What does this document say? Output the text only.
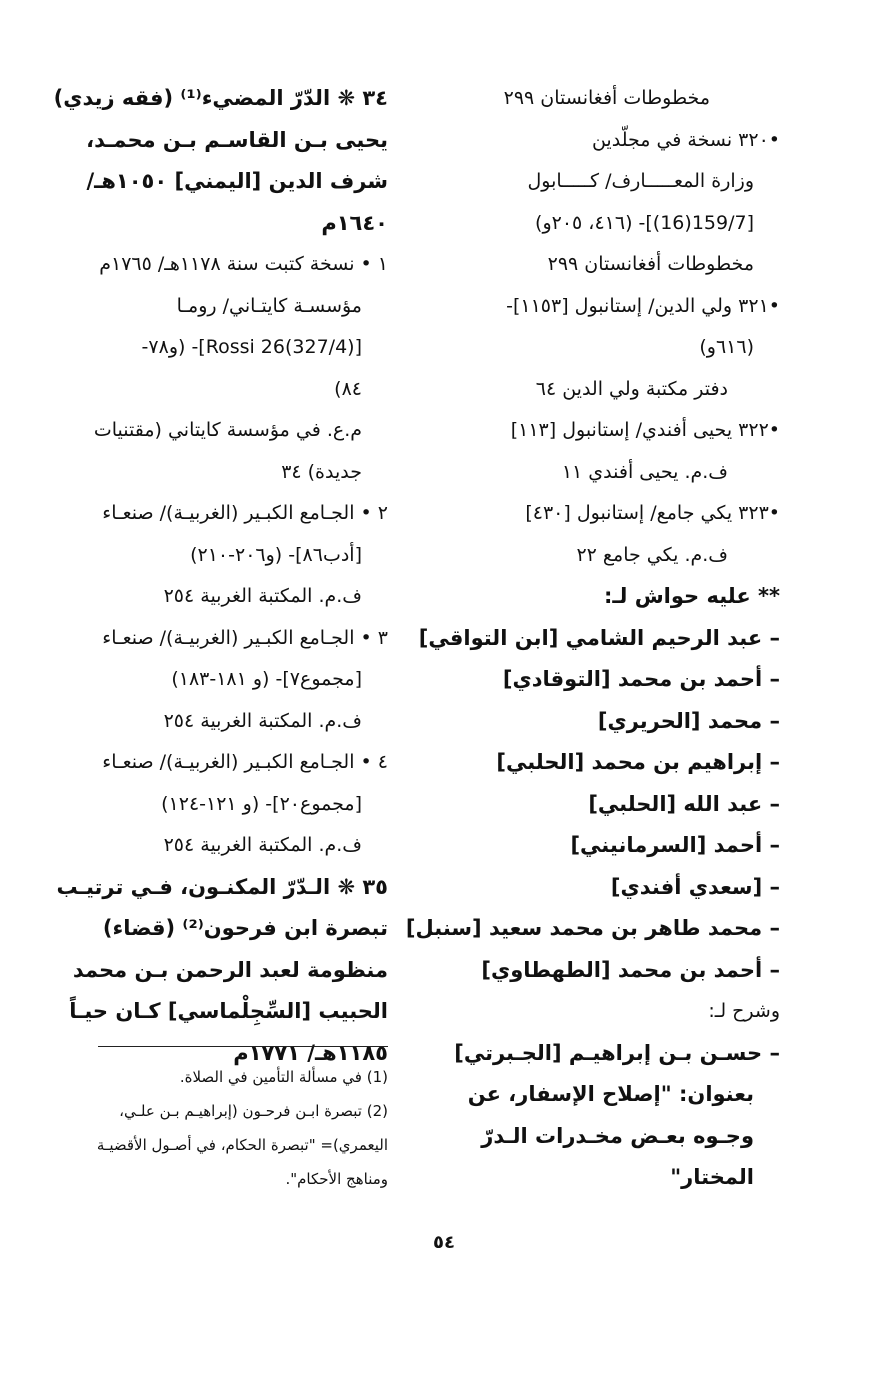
مخطوطات أفغانستان ٢٩٩
•٣٢٠ نسخة في مجلّدين
وزارة المعـــــارف/ كـــــابول
[159/7(16)]- (٤١٦، ٢٠٥و)
مخطوطات أفغانستان ٢٩٩
•٣٢١ ولي الدين/ إستانبول [١١٥٣]-
(٦١٦و)
دفتر مكتبة ولي الدين ٦٤
•٣٢٢ يحيى أفندي/ إستانبول [١١٣]
ف.م. يحيى أفندي ١١
•٣٢٣ يكي جامع/ إستانبول [٤٣٠]
ف.م. يكي جامع ٢٢
** عليه حواش لـ:
– عبد الرحيم الشامي [ابن التواقي]
– أحمد بن محمد [التوقادي]
– محمد [الحريري]
– إبراهيم بن محمد [الحلبي]
– عبد الله [الحلبي]
– أحمد [السرمانيني]
– [سعدي أفندي]
– محمد طاهر بن محمد سعيد [سنبل]
– أحمد بن محمد [الطهطاوي]
وشرح لـ:
– حسـن بـن إبراهيـم [الجـبرتي]
بعنوان: "إصلاح الإسفار، عن
وجـوه بعـض مخـدرات الـدرّ
المختار"
٣٤ ❋ الدّرّ المضيء⁽¹⁾ (فقه زيدي)
يحيى بـن القاسـم بـن محمـد،
شرف الدين [اليمني] ١٠٥٠هـ/
١٦٤٠م
١ • نسخة كتبت سنة ١١٧٨هـ/ ١٧٦٥م
مؤسسـة كايتـاني/ رومـا
[Rossi 26(327/4)]- (و٧٨-
٨٤)
م.ع. في مؤسسة كايتاني (مقتنيات
جديدة) ٣٤
٢ • الجـامع الكبـير (الغربيـة)/ صنعـاء
[أدب٨٦]- (و٢٠٦-٢١٠)
ف.م. المكتبة الغربية ٢٥٤
٣ • الجـامع الكبـير (الغربيـة)/ صنعـاء
[مجموع٧]- (و ١٨١-١٨٣)
ف.م. المكتبة الغربية ٢٥٤
٤ • الجـامع الكبـير (الغربيـة)/ صنعـاء
[مجموع٢٠]- (و ١٢١-١٢٤)
ف.م. المكتبة الغربية ٢٥٤
٣٥ ❋ الـدّرّ المكنـون، فـي ترتيـب
تبصرة ابن فرحون⁽²⁾ (قضاء)
منظومة لعبد الرحمن بـن محمد
الحبيب [السِّجِلْماسي] كـان حيـاً
١١٨٥هـ/ ١٧٧١م
(1) في مسألة التأمين في الصلاة.
(2) تبصرة ابـن فرحـون (إبراهيـم بـن علـي،
اليعمري)= "تبصرة الحكام، في أصـول الأقضيـة
ومناهج الأحكام".
٥٤
